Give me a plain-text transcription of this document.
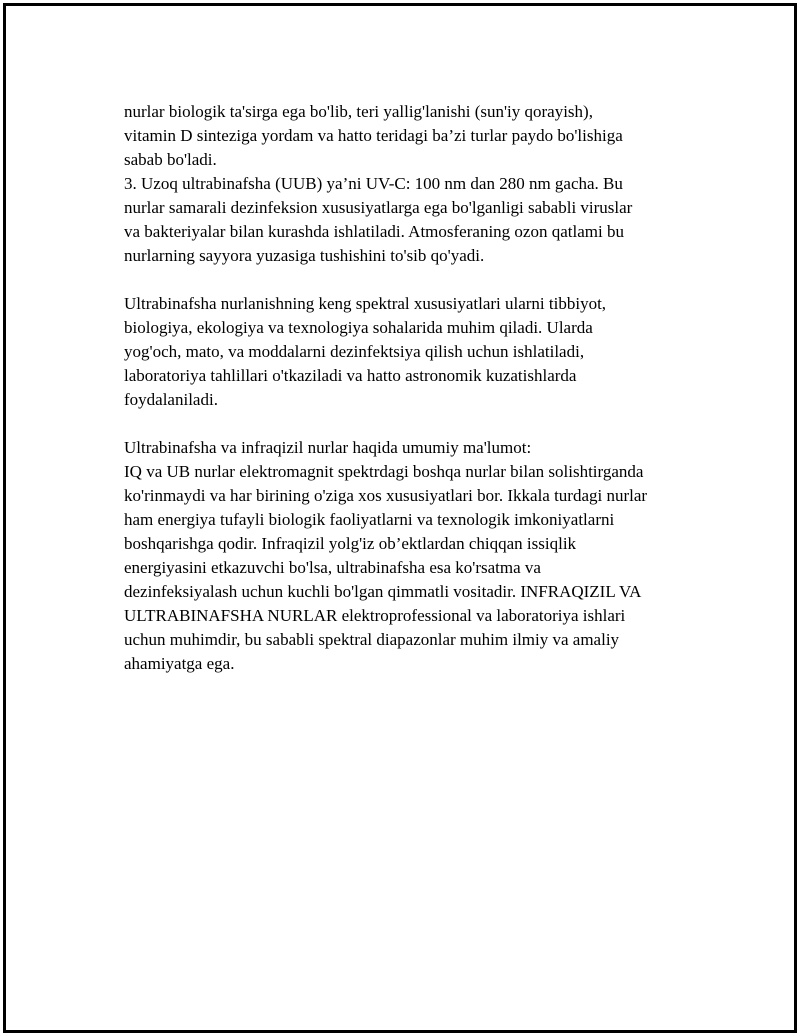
nurlar biologik ta'sirga ega bo'lib, teri yallig'lanishi (sun'iy qorayish),
vitamin D sinteziga yordam va hatto teridagi ba’zi turlar paydo bo'lishiga
sabab bo'ladi.
3. Uzoq ultrabinafsha (UUB) ya’ni UV-C: 100 nm dan 280 nm gacha. Bu
nurlar samarali dezinfeksion xususiyatlarga ega bo'lganligi sababli viruslar
va bakteriyalar bilan kurashda ishlatiladi. Atmosferaning ozon qatlami bu
nurlarning sayyora yuzasiga tushishini to'sib qo'yadi.
Ultrabinafsha nurlanishning keng spektral xususiyatlari ularni tibbiyot,
biologiya, ekologiya va texnologiya sohalarida muhim qiladi. Ularda
yog'och, mato, va moddalarni dezinfektsiya qilish uchun ishlatiladi,
laboratoriya tahlillari o'tkaziladi va hatto astronomik kuzatishlarda
foydalaniladi.
Ultrabinafsha va infraqizil nurlar haqida umumiy ma'lumot:
IQ va UB nurlar elektromagnit spektrdagi boshqa nurlar bilan solishtirganda
ko'rinmaydi va har birining o'ziga xos xususiyatlari bor. Ikkala turdagi nurlar
ham energiya tufayli biologik faoliyatlarni va texnologik imkoniyatlarni
boshqarishga qodir. Infraqizil yolg'iz ob’ektlardan chiqqan issiqlik
energiyasini etkazuvchi bo'lsa, ultrabinafsha esa ko'rsatma va
dezinfeksiyalash uchun kuchli bo'lgan qimmatli vositadir. INFRAQIZIL VA
ULTRABINAFSHA NURLAR elektroprofessional va laboratoriya ishlari
uchun muhimdir, bu sababli spektral diapazonlar muhim ilmiy va amaliy
ahamiyatga ega.
